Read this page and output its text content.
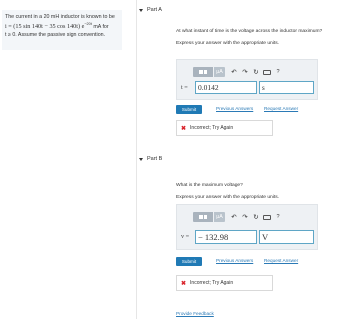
The current in a 20 mH inductor is known to be
i = (15 sin 140t − 35 cos 140t) $e^{-20t}$ mA for
t ≥ 0. Assume the passive sign convention.
Part A
At what instant of time is the voltage across the inductor maximum?
Express your answer with the appropriate units.
μA	↶ ↷ ↻	?
t =	0.0142	s
Submit	Previous Answers Request Answer
✖ Incorrect; Try Again
Part B
What is the maximum voltage?
Express your answer with the appropriate units.
μA	↶ ↷ ↻	?
v =	− 132.98	V
Submit	Previous Answers Request Answer
✖ Incorrect; Try Again
Provide Feedback
